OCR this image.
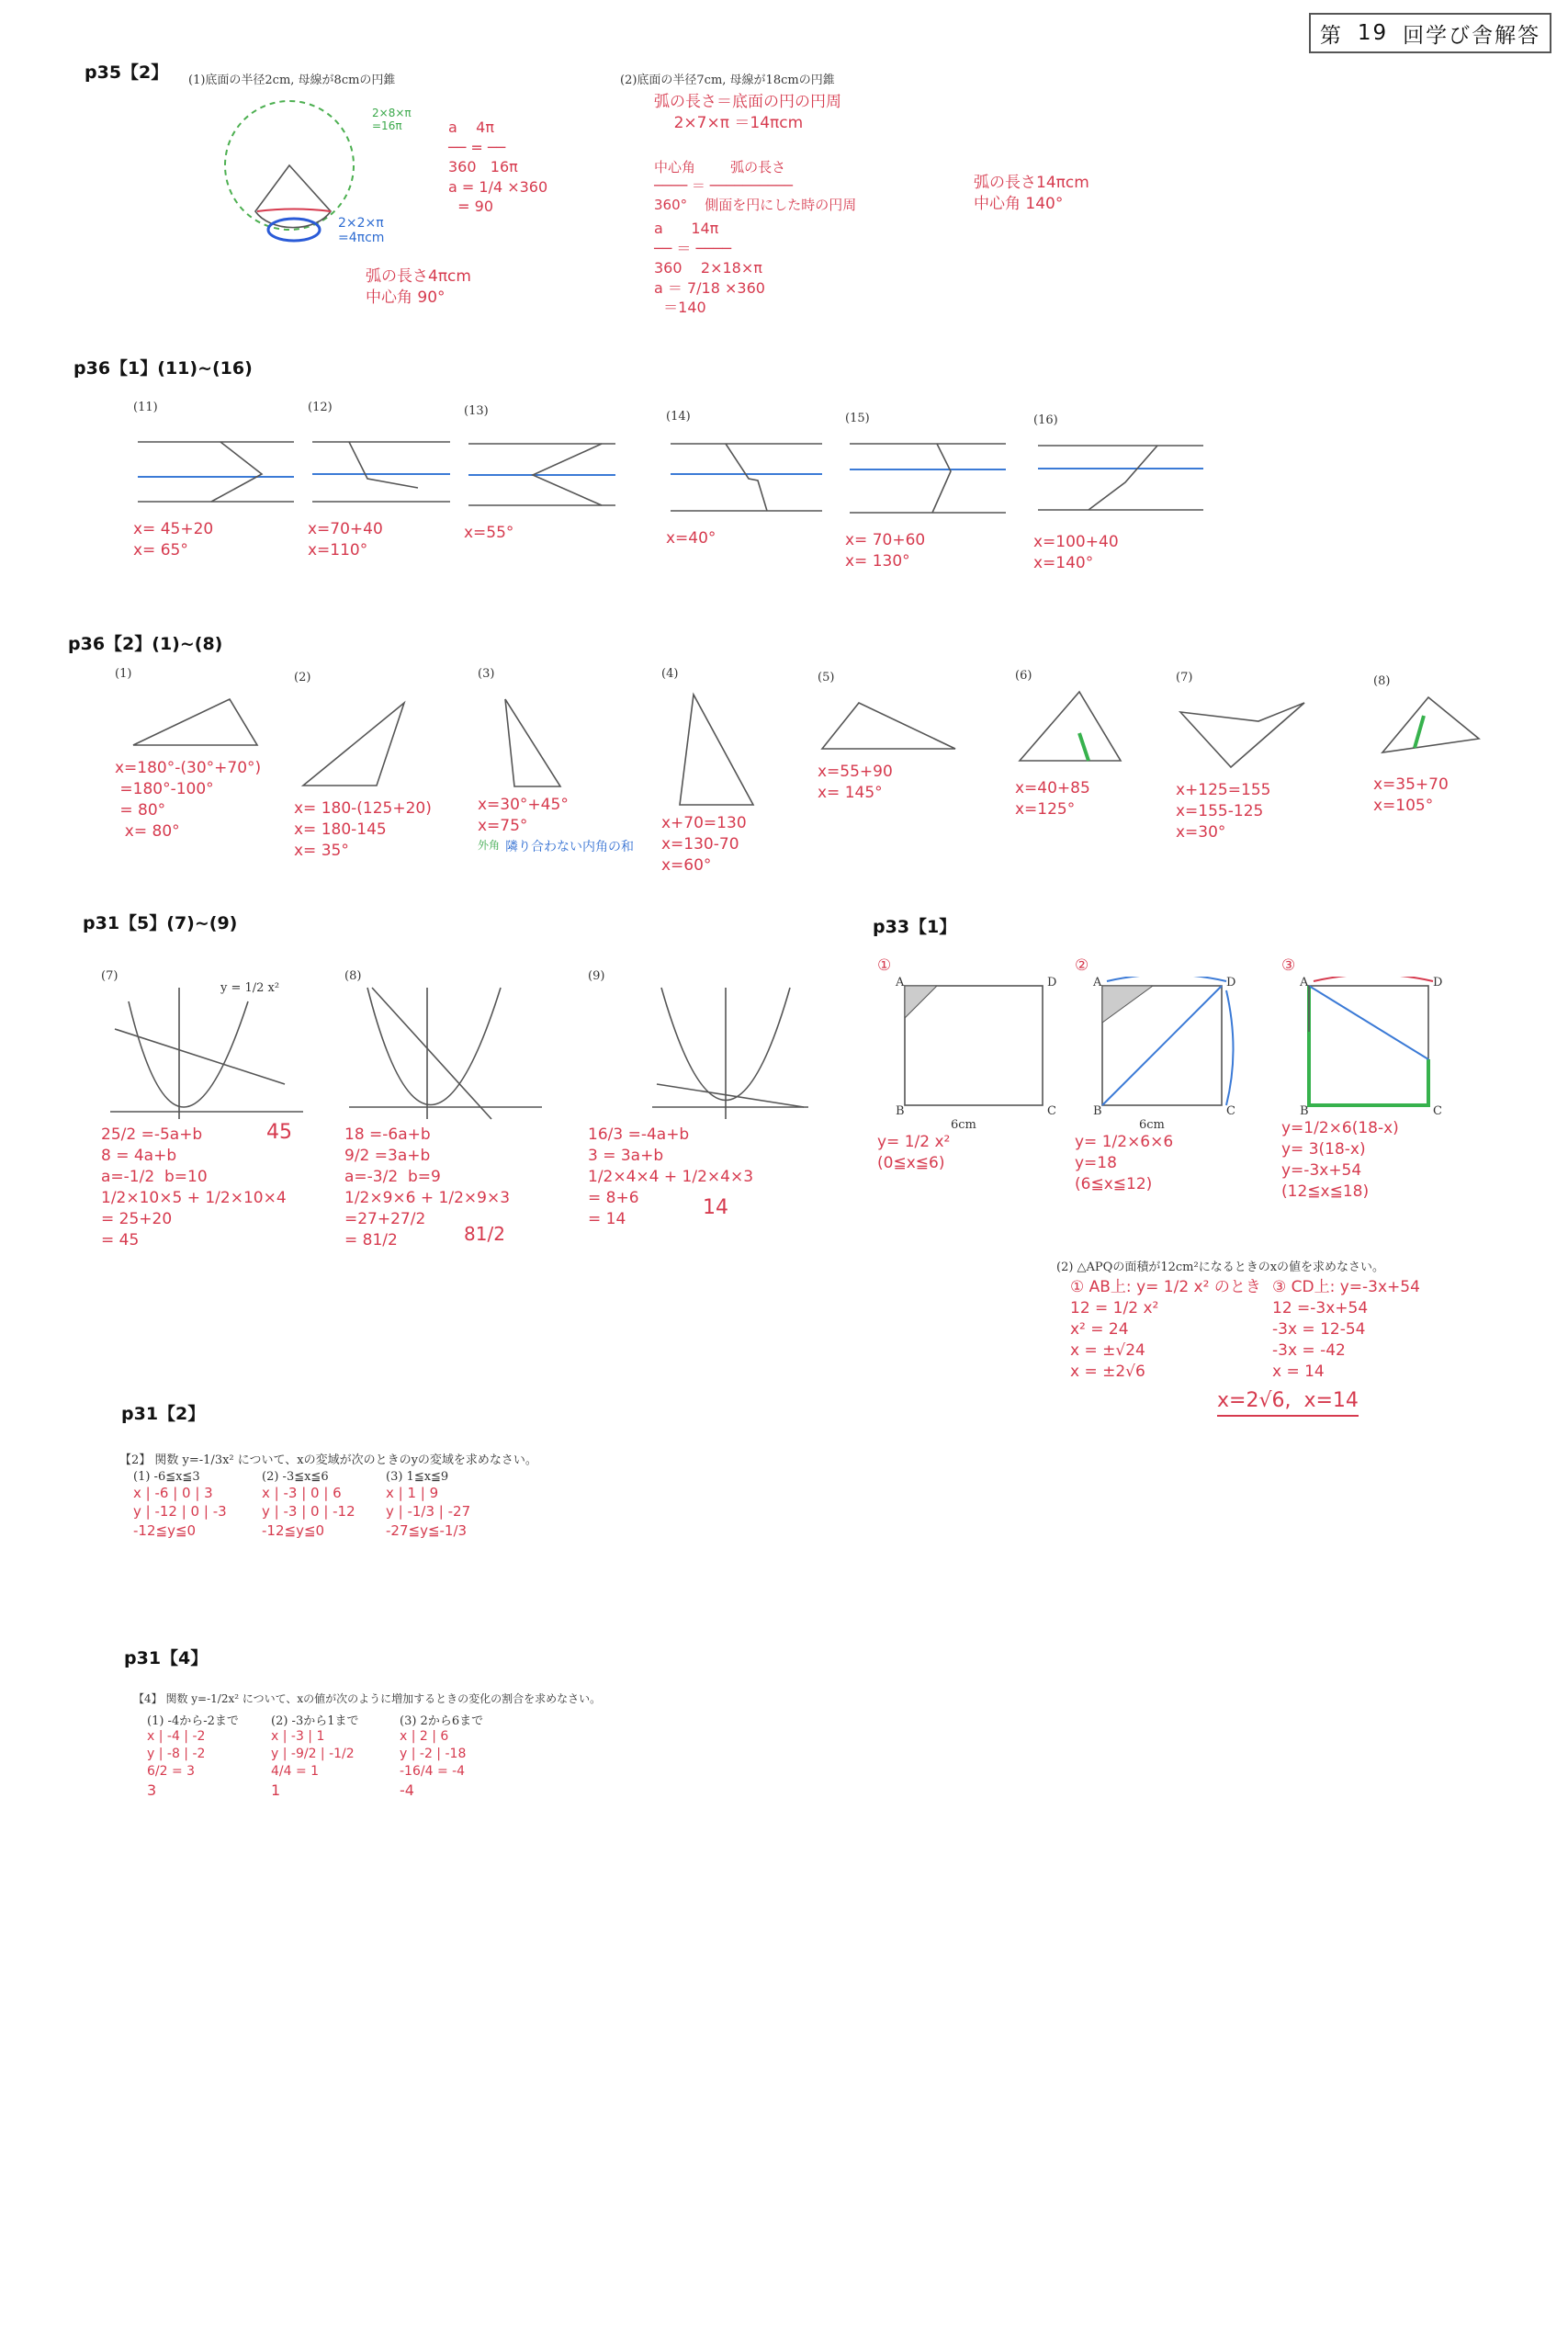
第 19 回学び舎解答
p35【2】 (1)底面の半径2cm, 母線が8cmの円錐
2×8×π
=16π
2×2×π
=4πcm
a    4π
── = ──
360   16π
a = 1/4 ×360
= 90
弧の長さ4πcm
中心角 90°
(2)底面の半径7cm, 母線が18cmの円錐
弧の長さ＝底面の円の円周
2×7×π ＝14πcm
中心角        弧の長さ
──── ＝ ──────────
360°    側面を円にした時の円周
a      14π
── ＝ ────
360    2×18×π
a ＝ 7/18 ×360
＝140
弧の長さ14πcm
中心角 140°
p36【1】(11)~(16)
(11)
x= 45+20
x= 65°
(12)
x=70+40
x=110°
(13)
x=55°
(14)
x=40°
(15)
x= 70+60
x= 130°
(16)
x=100+40
x=140°
p36【2】(1)~(8)
(1)
x=180°-(30°+70°)
=180°-100°
= 80°
x= 80°
(2)
x= 180-(125+20)
x= 180-145
x= 35°
(3)
x=30°+45°
x=75°
外角 隣り合わない内角の和
(4)
x+70=130
x=130-70
x=60°
(5)
x=55+90
x= 145°
(6)
x=40+85
x=125°
(7)
x+125=155
x=155-125
x=30°
(8)
x=35+70
x=105°
p31【5】(7)~(9)
(7)
25/2 =-5a+b
8 = 4a+b
a=-1/2  b=10
1/2×10×5 + 1/2×10×4
= 25+20
= 45
45
(8)
18 =-6a+b
9/2 =3a+b
a=-3/2  b=9
1/2×9×6 + 1/2×9×3
=27+27/2
= 81/2	81/2
(9)
16/3 =-4a+b
3 = 3a+b
1/2×4×4 + 1/2×4×3
= 8+6
= 14	14
y = 1/2 x²
p33【1】
①
A	D
B	C
6cm
y= 1/2 x²
(0≦x≦6)
②
A	D
B	C
6cm
y= 1/2×6×6
y=18
(6≦x≦12)
③
A	D
B	C
y=1/2×6(18-x)
y= 3(18-x)
y=-3x+54
(12≦x≦18)
(2) △APQの面積が12cm²になるときのxの値を求めなさい。
① AB上: y= 1/2 x² のとき
12 = 1/2 x²
x² = 24
x = ±√24
x = ±2√6
③ CD上: y=-3x+54
12 =-3x+54
-3x = 12-54
-3x = -42
x = 14
x=2√6,  x=14
p31【2】
【2】 関数 y=-1/3x² について、xの変域が次のときのyの変域を求めなさい。
(1) -6≦x≦3
x | -6 | 0 | 3
y | -12 | 0 | -3
-12≦y≦0
(2) -3≦x≦6
x | -3 | 0 | 6
y | -3 | 0 | -12
-12≦y≦0
(3) 1≦x≦9
x | 1 | 9
y | -1/3 | -27
-27≦y≦-1/3
p31【4】
【4】 関数 y=-1/2x² について、xの値が次のように増加するときの変化の割合を求めなさい。
(1) -4から-2まで
x | -4 | -2
y | -8 | -2
6/2 = 3
3
(2) -3から1まで
x | -3 | 1
y | -9/2 | -1/2
4/4 = 1
1
(3) 2から6まで
x | 2 | 6
y | -2 | -18
-16/4 = -4
-4
